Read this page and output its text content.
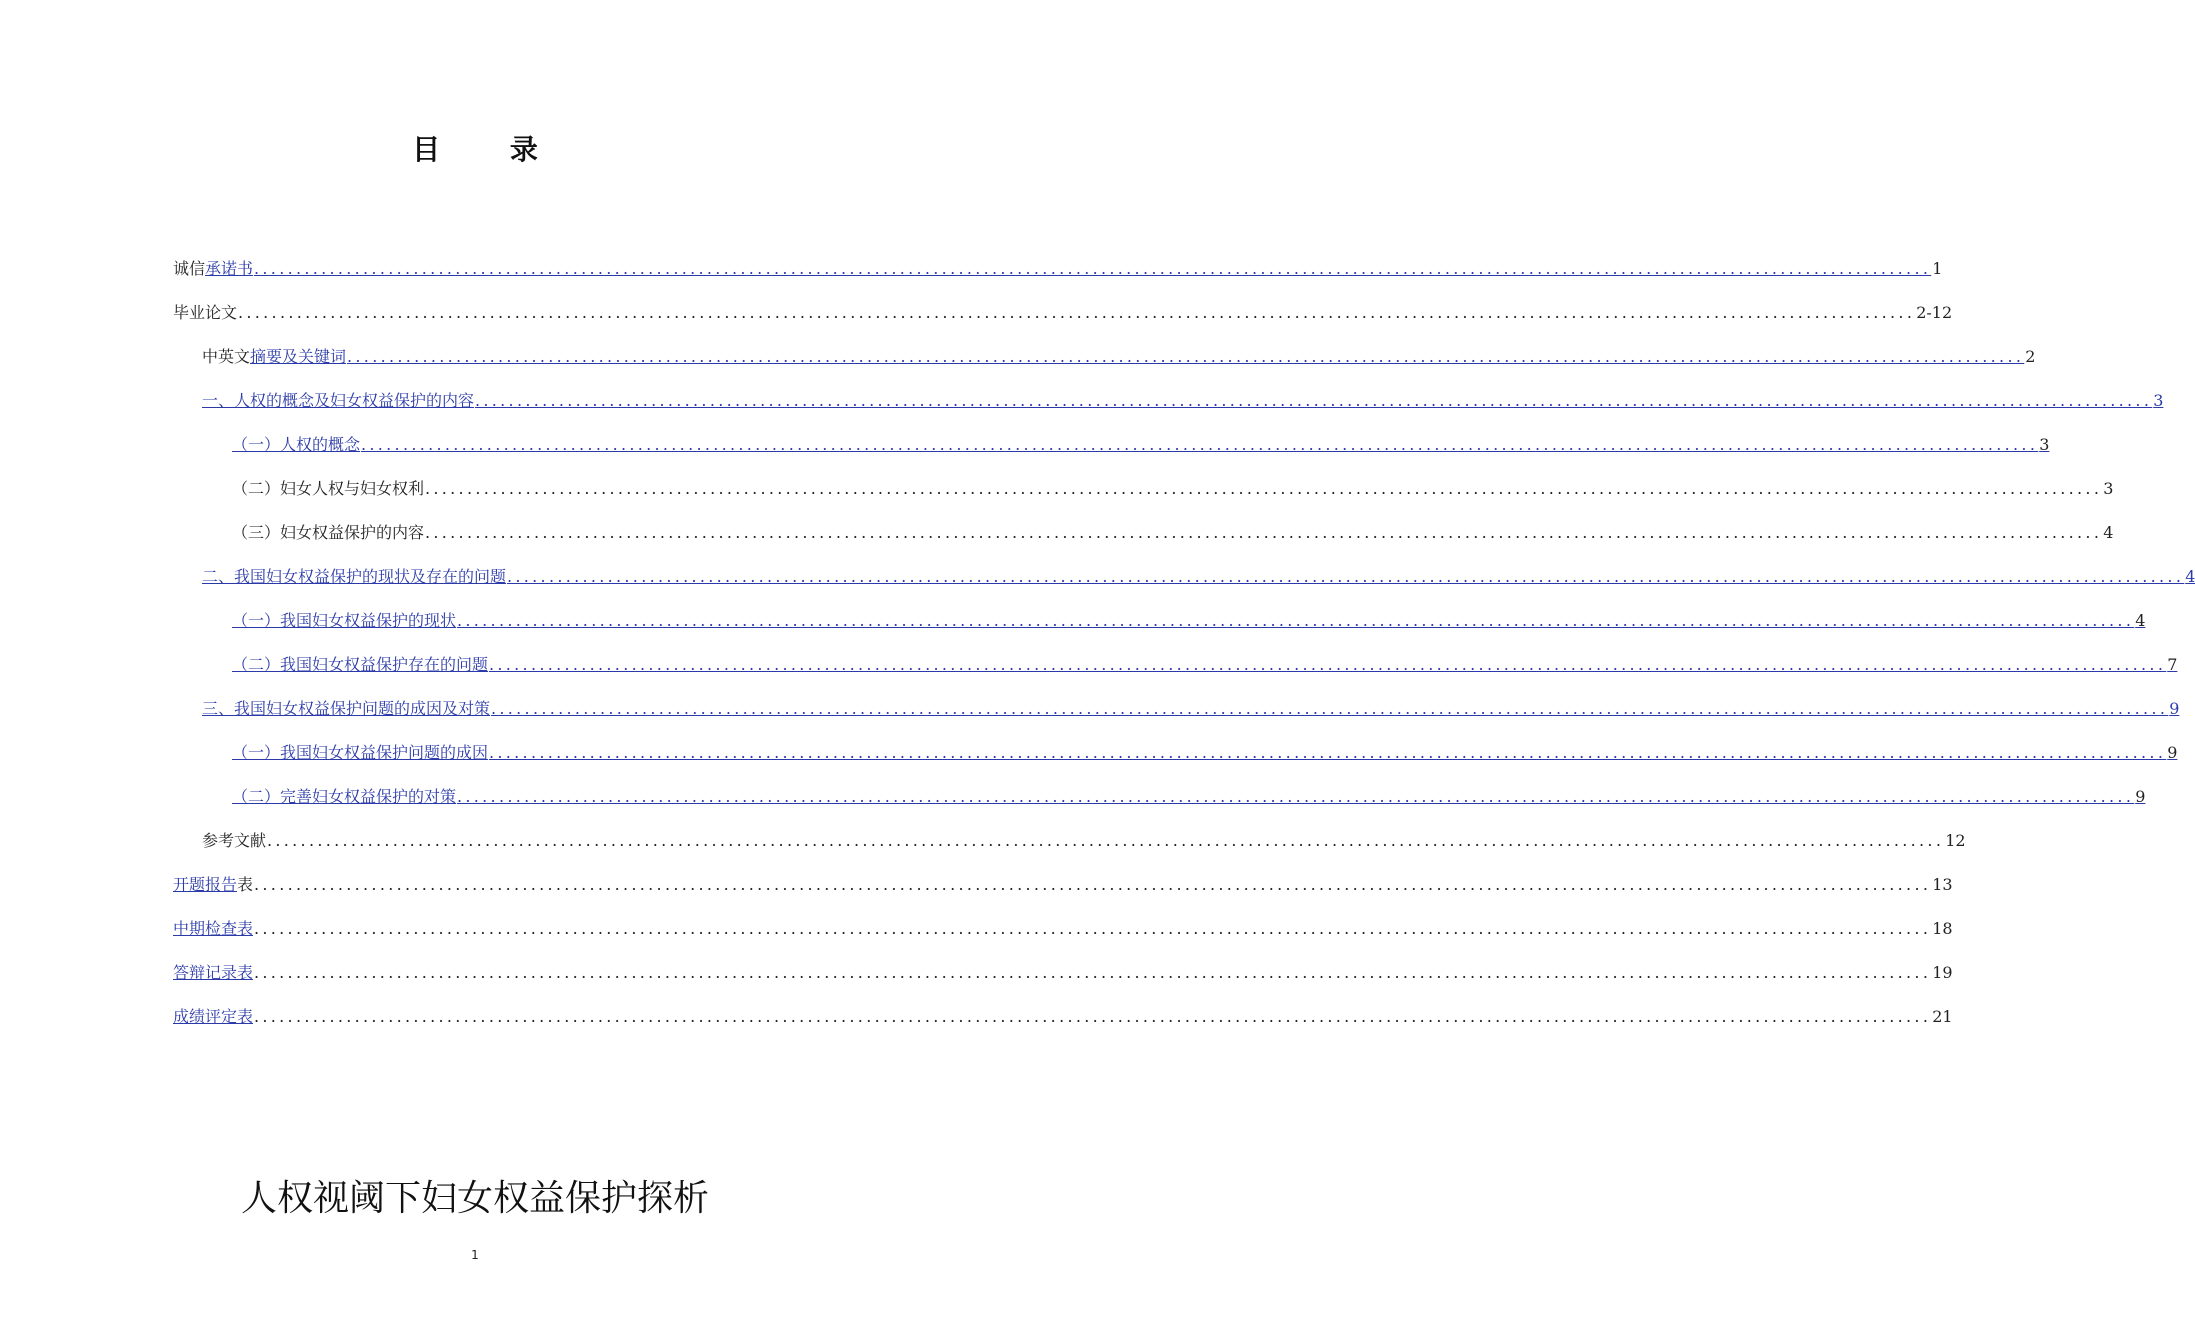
目 录
诚信承诺书 ........................................................................................................................................................................................................ 1
毕业论文 ........................................................................................................................................................................................................ 2-12
中英文摘要及关键词 ........................................................................................................................................................................................................ 2
一、人权的概念及妇女权益保护的内容 ........................................................................................................................................................................................................ 3
（一）人权的概念 ........................................................................................................................................................................................................ 3
（二）妇女人权与妇女权利 ........................................................................................................................................................................................................ 3
（三）妇女权益保护的内容 ........................................................................................................................................................................................................ 4
二、我国妇女权益保护的现状及存在的问题 ........................................................................................................................................................................................................ 4
（一）我国妇女权益保护的现状 ........................................................................................................................................................................................................ 4
（二）我国妇女权益保护存在的问题 ........................................................................................................................................................................................................ 7
三、我国妇女权益保护问题的成因及对策 ........................................................................................................................................................................................................ 9
（一）我国妇女权益保护问题的成因 ........................................................................................................................................................................................................ 9
（二）完善妇女权益保护的对策 ........................................................................................................................................................................................................ 9
参考文献 ........................................................................................................................................................................................................ 12
开题报告表 ........................................................................................................................................................................................................ 13
中期检查表 ........................................................................................................................................................................................................ 18
答辩记录表 ........................................................................................................................................................................................................ 19
成绩评定表 ........................................................................................................................................................................................................ 21
人权视阈下妇女权益保护探析
1
